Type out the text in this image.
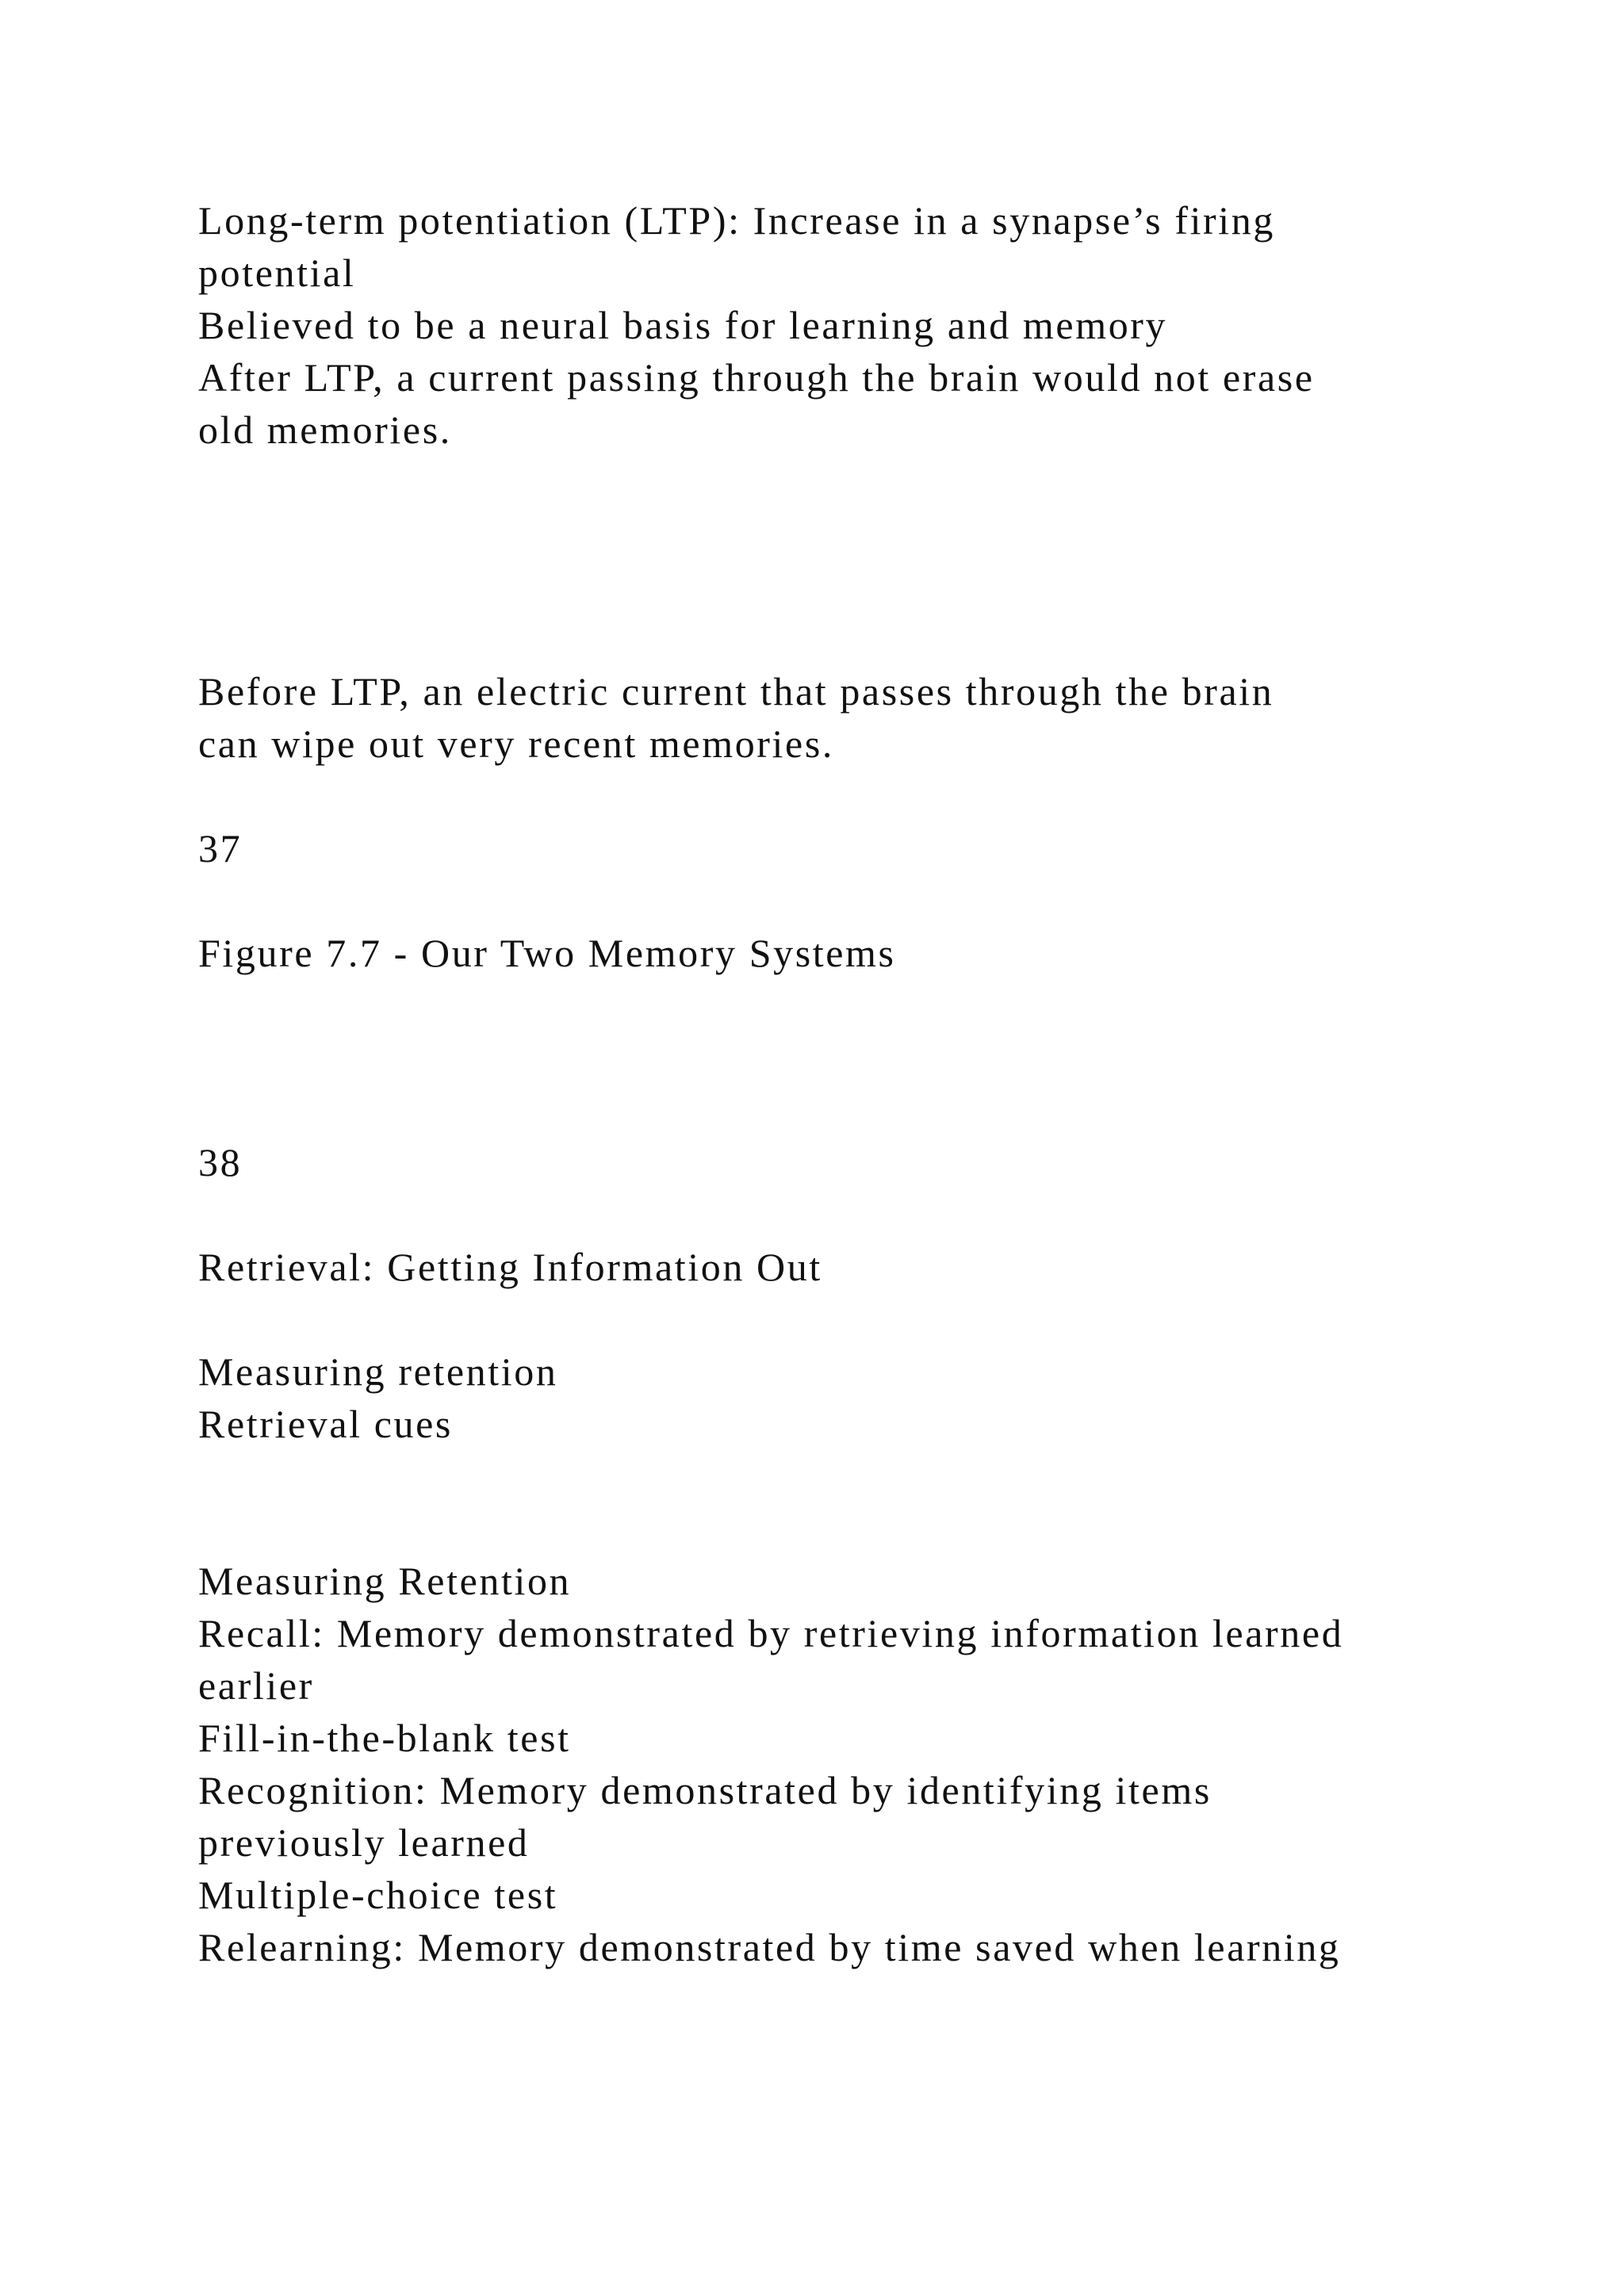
Long-term potentiation (LTP): Increase in a synapse’s firing
potential
Believed to be a neural basis for learning and memory
After LTP, a current passing through the brain would not erase
old memories.
Before LTP, an electric current that passes through the brain
can wipe out very recent memories.
37
Figure 7.7 - Our Two Memory Systems
38
Retrieval: Getting Information Out
Measuring retention
Retrieval cues
Measuring Retention
Recall: Memory demonstrated by retrieving information learned
earlier
Fill-in-the-blank test
Recognition: Memory demonstrated by identifying items
previously learned
Multiple-choice test
Relearning: Memory demonstrated by time saved when learning
